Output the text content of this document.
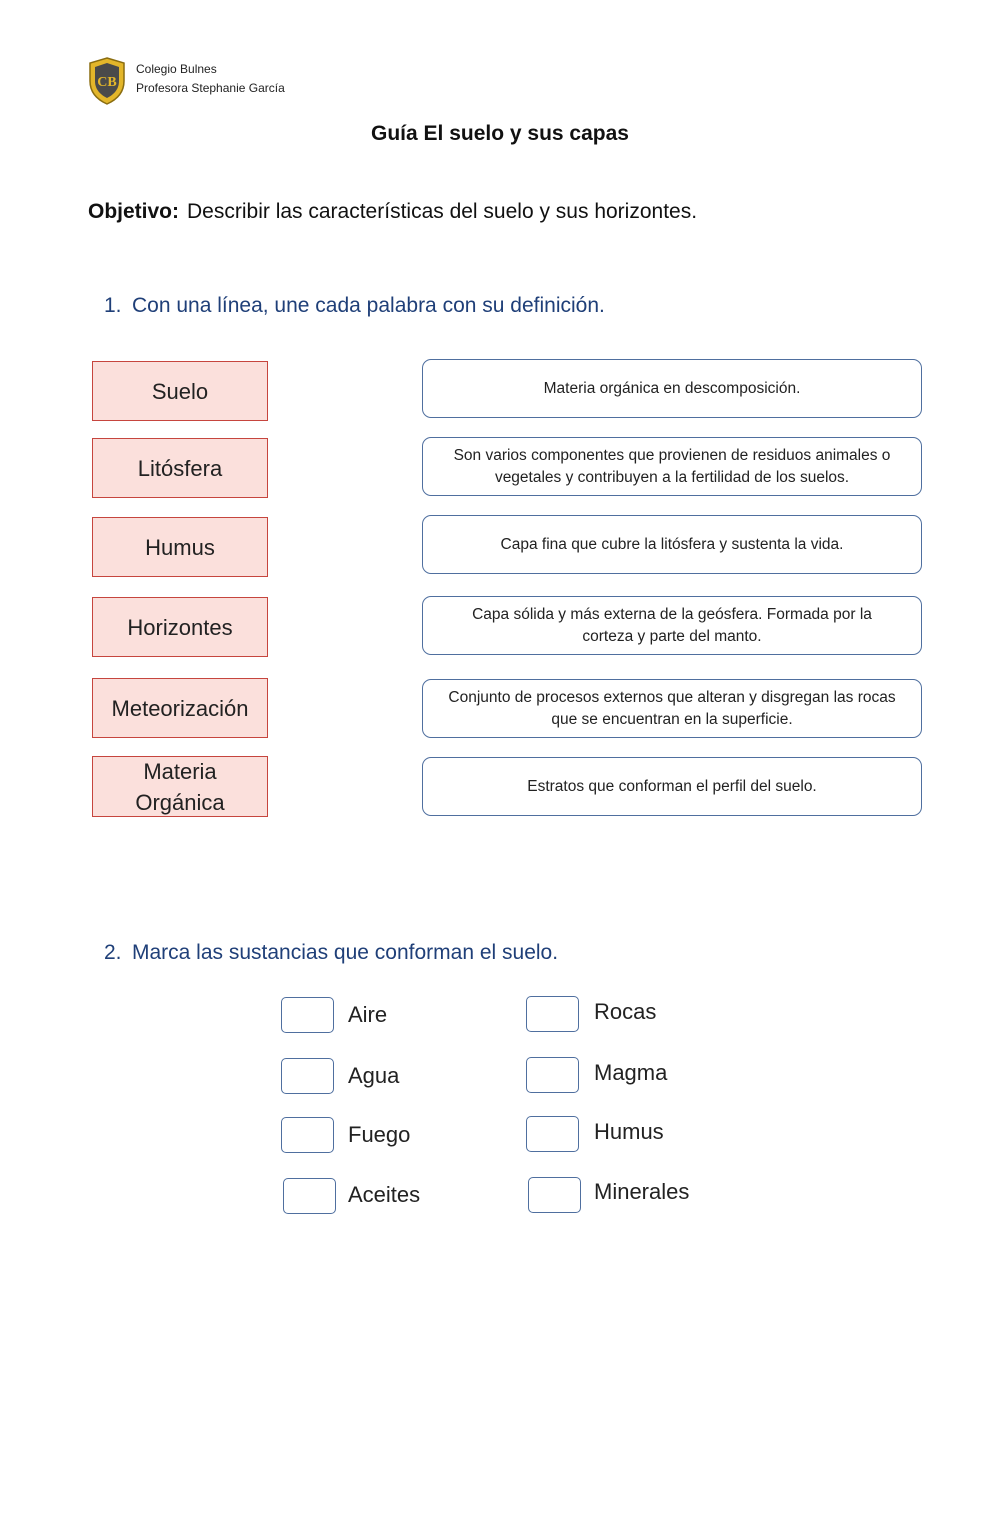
CB
Colegio Bulnes
Profesora Stephanie García
Guía El suelo y sus capas
Objetivo: Describir las características del suelo y sus horizontes.
1. Con una línea, une cada palabra con su definición.
Suelo
Litósfera
Humus
Horizontes
Meteorización
Materia Orgánica
Materia orgánica en descomposición.
Son varios componentes que provienen de residuos animales o vegetales y contribuyen a la fertilidad de los suelos.
Capa fina que cubre la litósfera y sustenta la vida.
Capa sólida y más externa de la geósfera. Formada por la corteza y parte del manto.
Conjunto de procesos externos que alteran y disgregan las rocas que se encuentran en la superficie.
Estratos que conforman el perfil del suelo.
2. Marca las sustancias que conforman el suelo.
Aire
Agua
Fuego
Aceites
Rocas
Magma
Humus
Minerales
